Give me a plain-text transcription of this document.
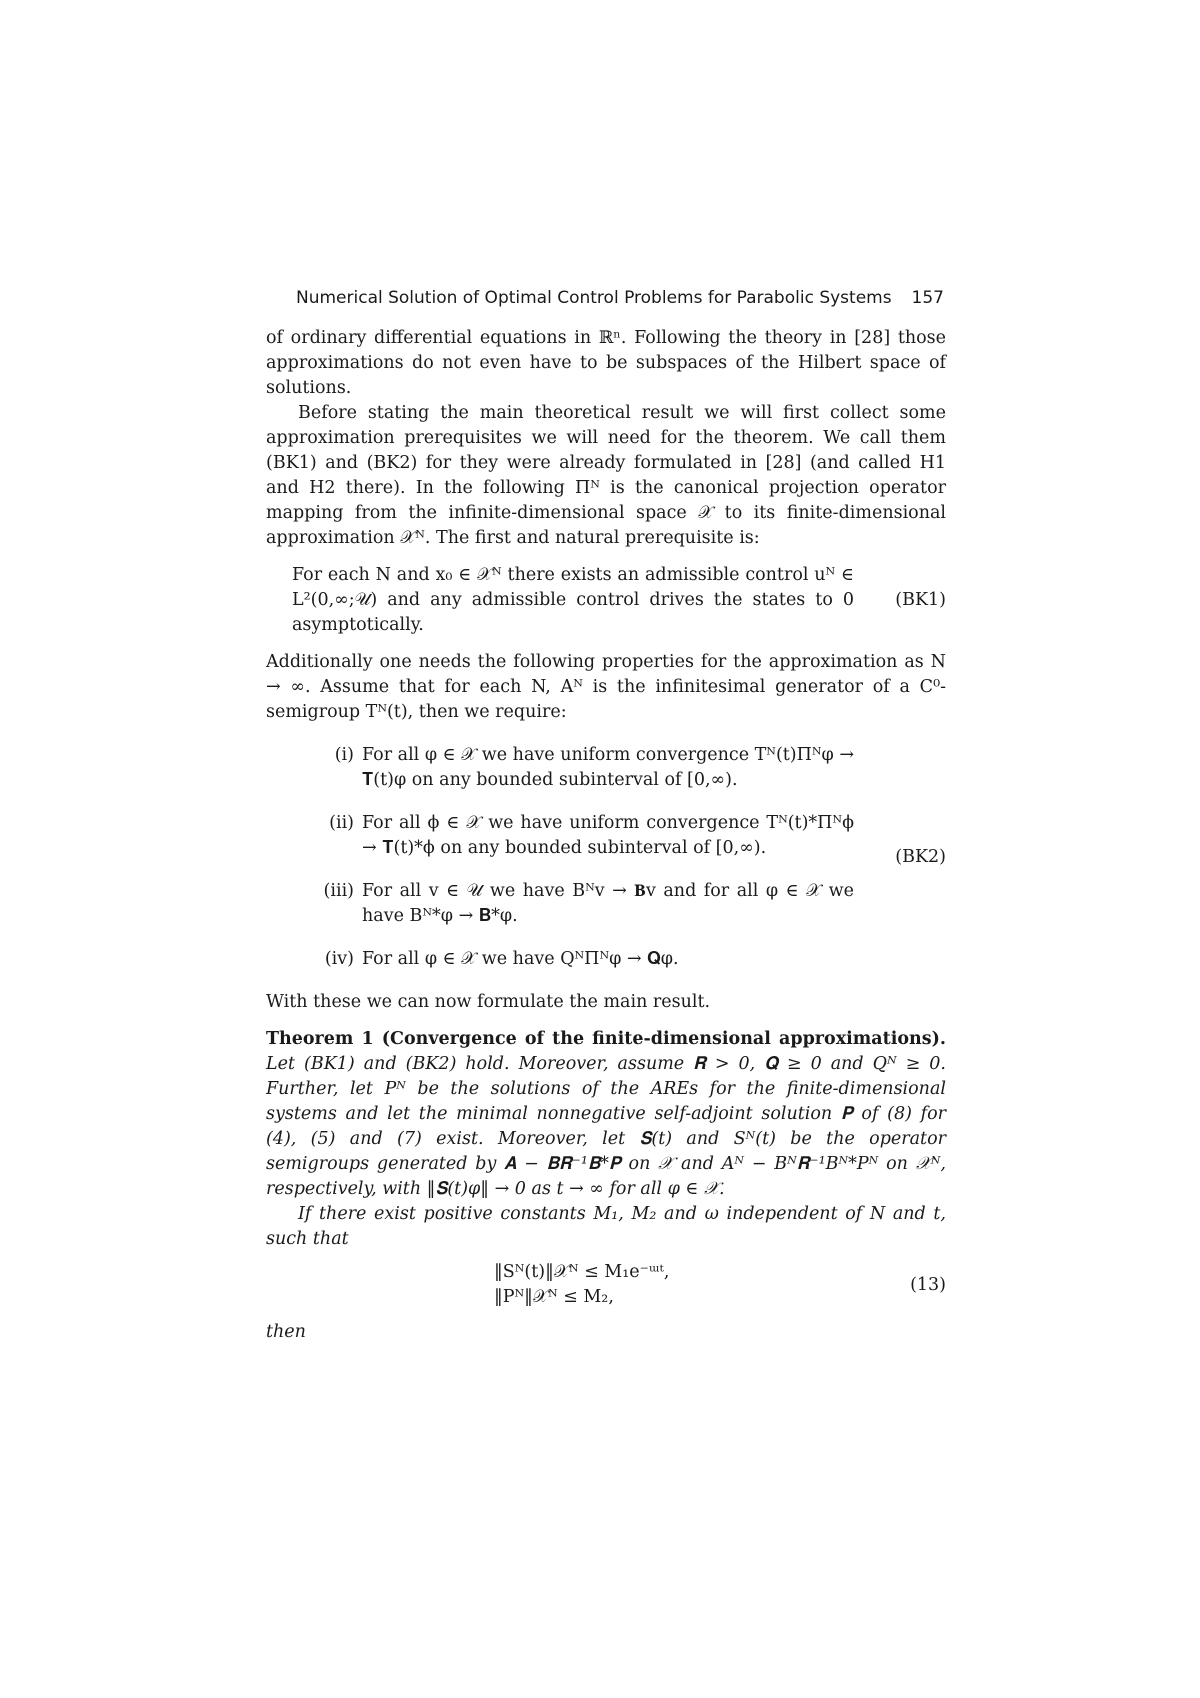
Numerical Solution of Optimal Control Problems for Parabolic Systems 157

of ordinary differential equations in ℝⁿ. Following the theory in [28] those approximations do not even have to be subspaces of the Hilbert space of solutions.

Before stating the main theoretical result we will first collect some approximation prerequisites we will need for the theorem. We call them (BK1) and (BK2) for they were already formulated in [28] (and called H1 and H2 there). In the following Πᴺ is the canonical projection operator mapping from the infinite-dimensional space 𝒳 to its finite-dimensional approximation 𝒳ᴺ. The first and natural prerequisite is:

For each N and x₀ ∈ 𝒳ᴺ there exists an admissible control uᴺ ∈ L²(0,∞;𝒰) and any admissible control drives the states to 0 asymptotically.
(BK1)

Additionally one needs the following properties for the approximation as N → ∞. Assume that for each N, Aᴺ is the infinitesimal generator of a C⁰-semigroup Tᴺ(t), then we require:

(i) For all φ ∈ 𝒳 we have uniform convergence Tᴺ(t)Πᴺφ → 𝐓(t)φ on any bounded subinterval of [0,∞).
(ii) For all ϕ ∈ 𝒳 we have uniform convergence Tᴺ(t)*Πᴺϕ → 𝐓(t)*ϕ on any bounded subinterval of [0,∞).
(iii) For all v ∈ 𝒰 we have Bᴺv → 𝐁v and for all φ ∈ 𝒳 we have Bᴺ*φ → 𝐁*φ.
(iv) For all φ ∈ 𝒳 we have QᴺΠᴺφ → 𝐐φ.
(BK2)

With these we can now formulate the main result.

Theorem 1 (Convergence of the finite-dimensional approximations). Let (BK1) and (BK2) hold. Moreover, assume 𝐑 > 0, 𝐐 ≥ 0 and Qᴺ ≥ 0. Further, let Pᴺ be the solutions of the AREs for the finite-dimensional systems and let the minimal nonnegative self-adjoint solution 𝐏 of (8) for (4), (5) and (7) exist. Moreover, let 𝐒(t) and Sᴺ(t) be the operator semigroups generated by 𝐀 − 𝐁𝐑⁻¹𝐁*𝐏 on 𝒳 and Aᴺ − Bᴺ𝐑⁻¹Bᴺ*Pᴺ on 𝒳ᴺ, respectively, with ‖𝐒(t)φ‖ → 0 as t → ∞ for all φ ∈ 𝒳.

If there exist positive constants M₁, M₂ and ω independent of N and t, such that

‖Sᴺ(t)‖𝒳ᴺ ≤ M₁e⁻ᵚᵗ,
‖Pᴺ‖𝒳ᴺ ≤ M₂,
(13)

then
